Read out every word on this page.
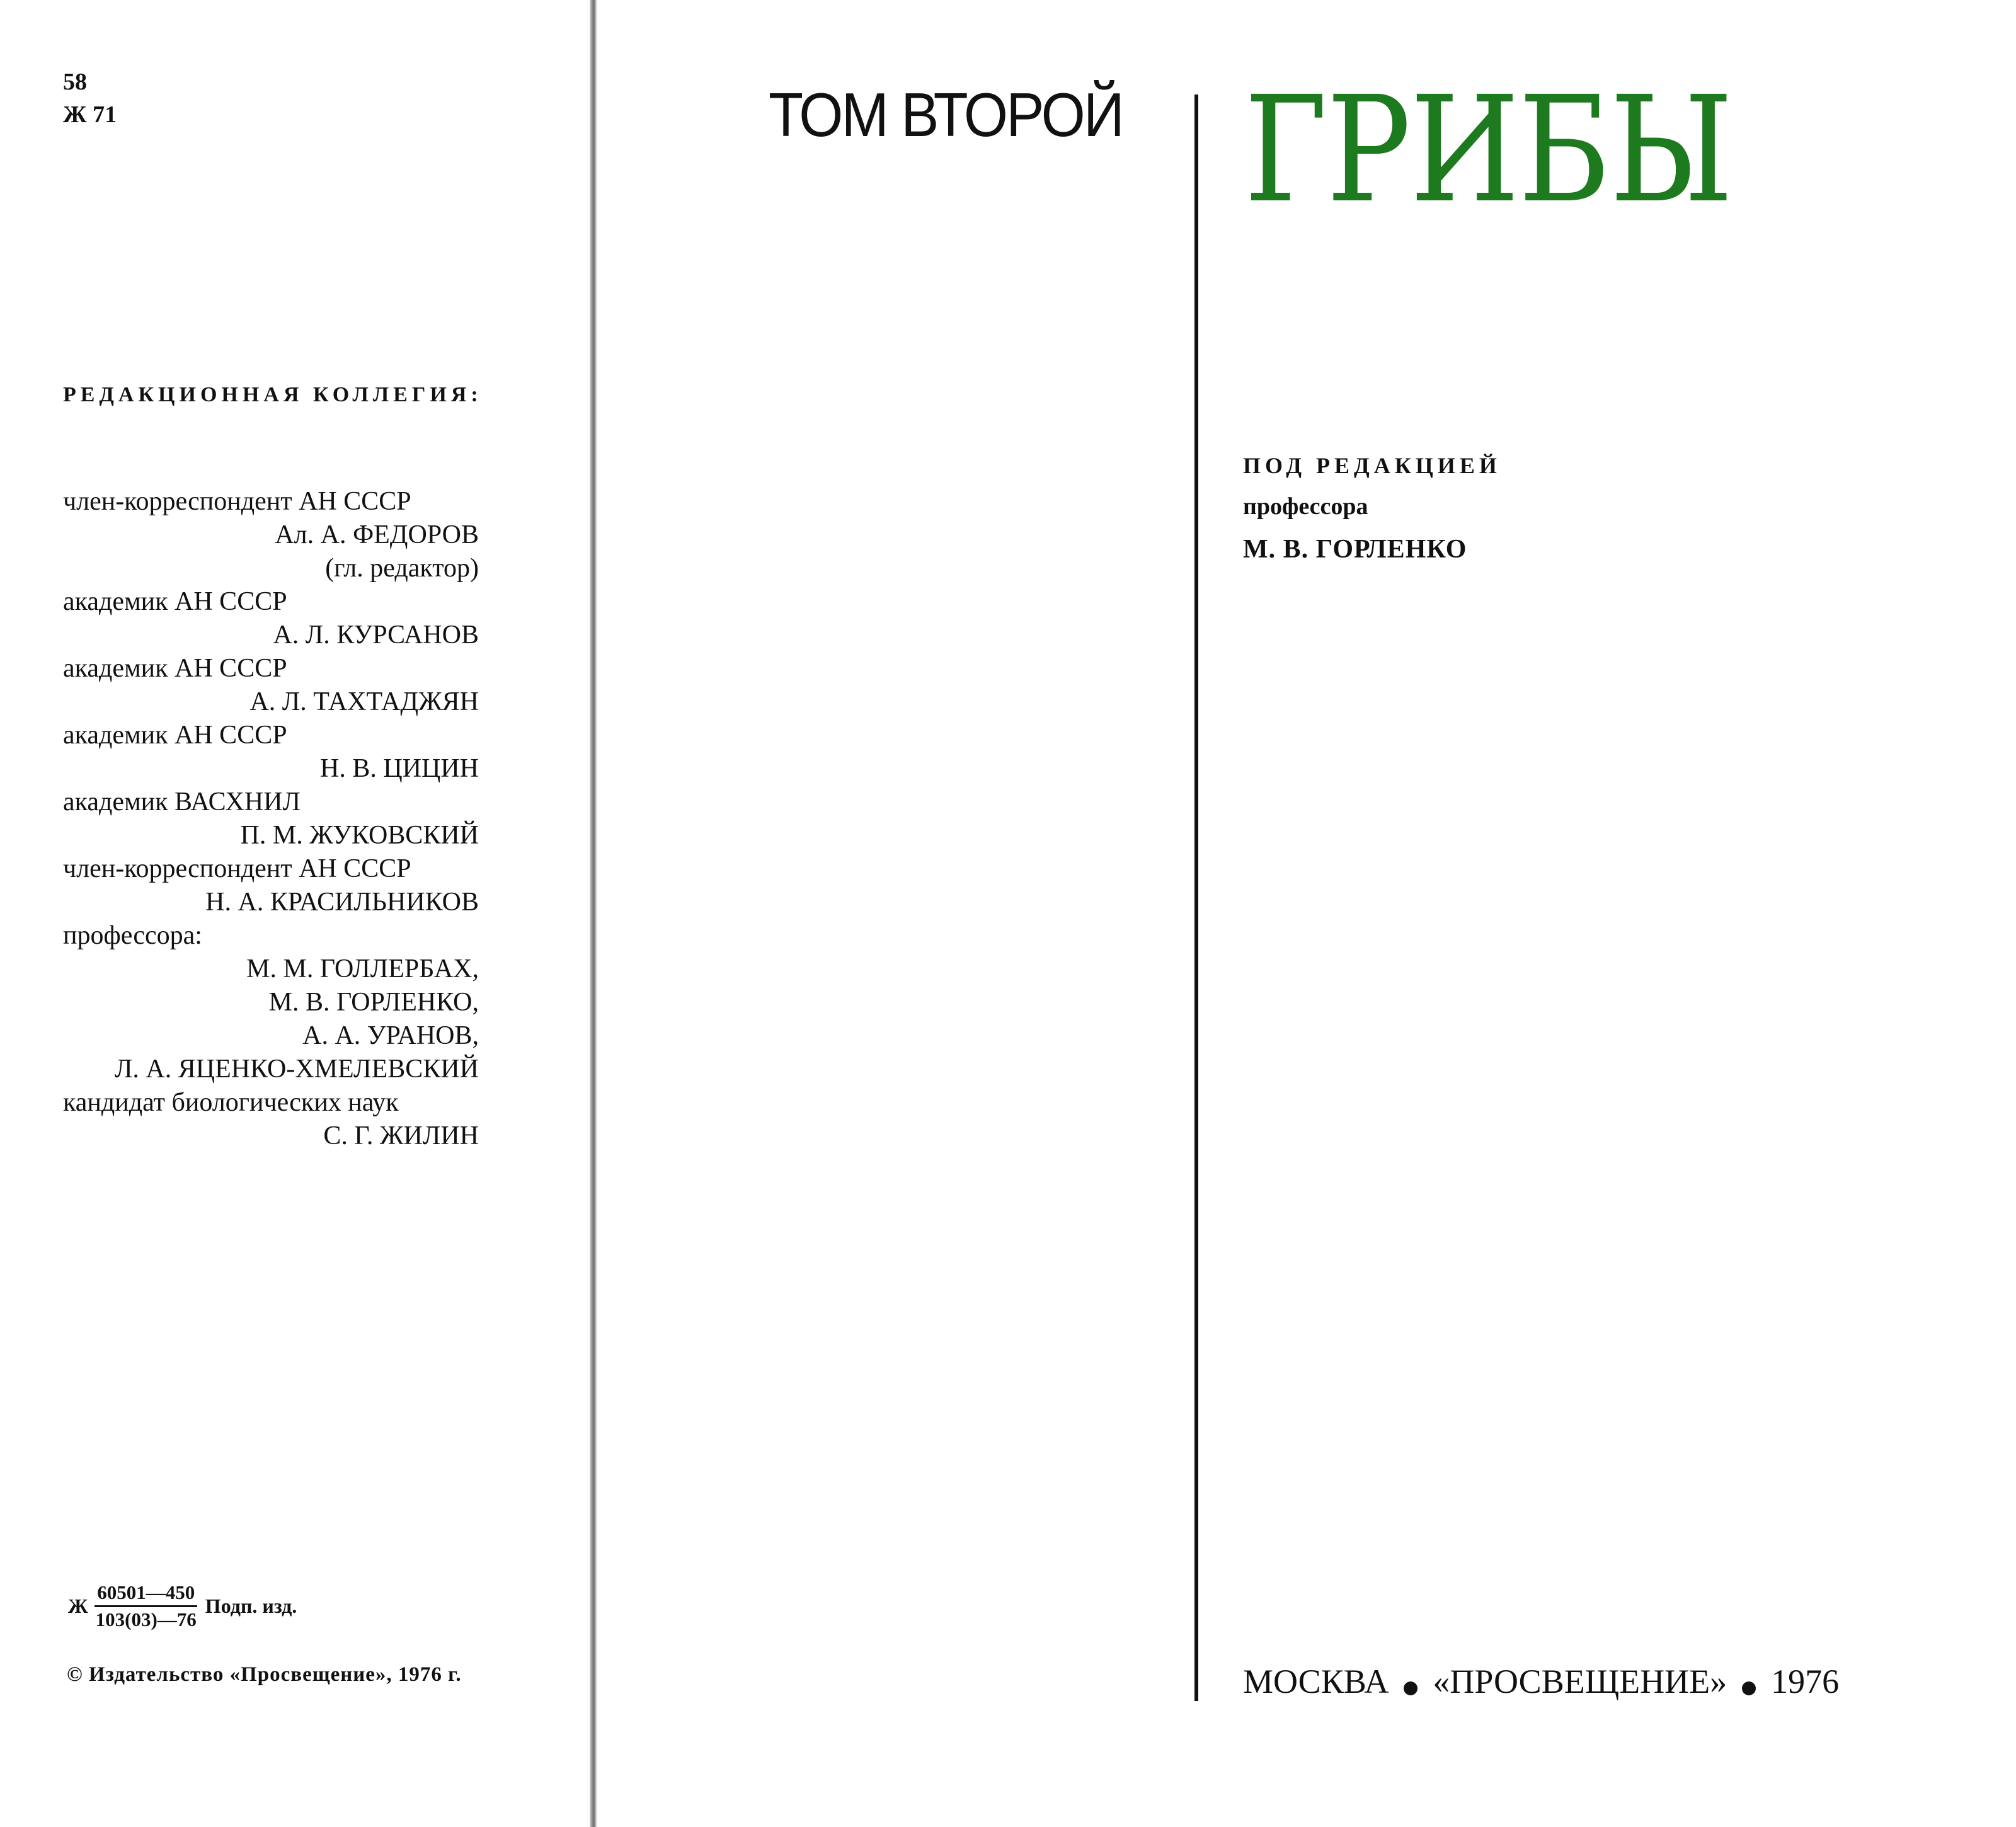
58
Ж 71
РЕДАКЦИОННАЯ КОЛЛЕГИЯ:
член-корреспондент АН СССР
Ал. А. ФЕДОРОВ
(гл. редактор)
академик АН СССР
А. Л. КУРСАНОВ
академик АН СССР
А. Л. ТАХТАДЖЯН
академик АН СССР
Н. В. ЦИЦИН
академик ВАСХНИЛ
П. М. ЖУКОВСКИЙ
член-корреспондент АН СССР
Н. А. КРАСИЛЬНИКОВ
профессора:
М. М. ГОЛЛЕРБАХ,
М. В. ГОРЛЕНКО,
А. А. УРАНОВ,
Л. А. ЯЦЕНКО-ХМЕЛЕВСКИЙ
кандидат биологических наук
С. Г. ЖИЛИН
Ж $\frac{60501—450}{103(03)—76}$ Подп. изд.
© Издательство «Просвещение», 1976 г.
ТОМ ВТОРОЙ ГРИБЫ
ПОД РЕДАКЦИЕЙ
профессора
М. В. ГОРЛЕНКО
МОСКВА «ПРОСВЕЩЕНИЕ» 1976
